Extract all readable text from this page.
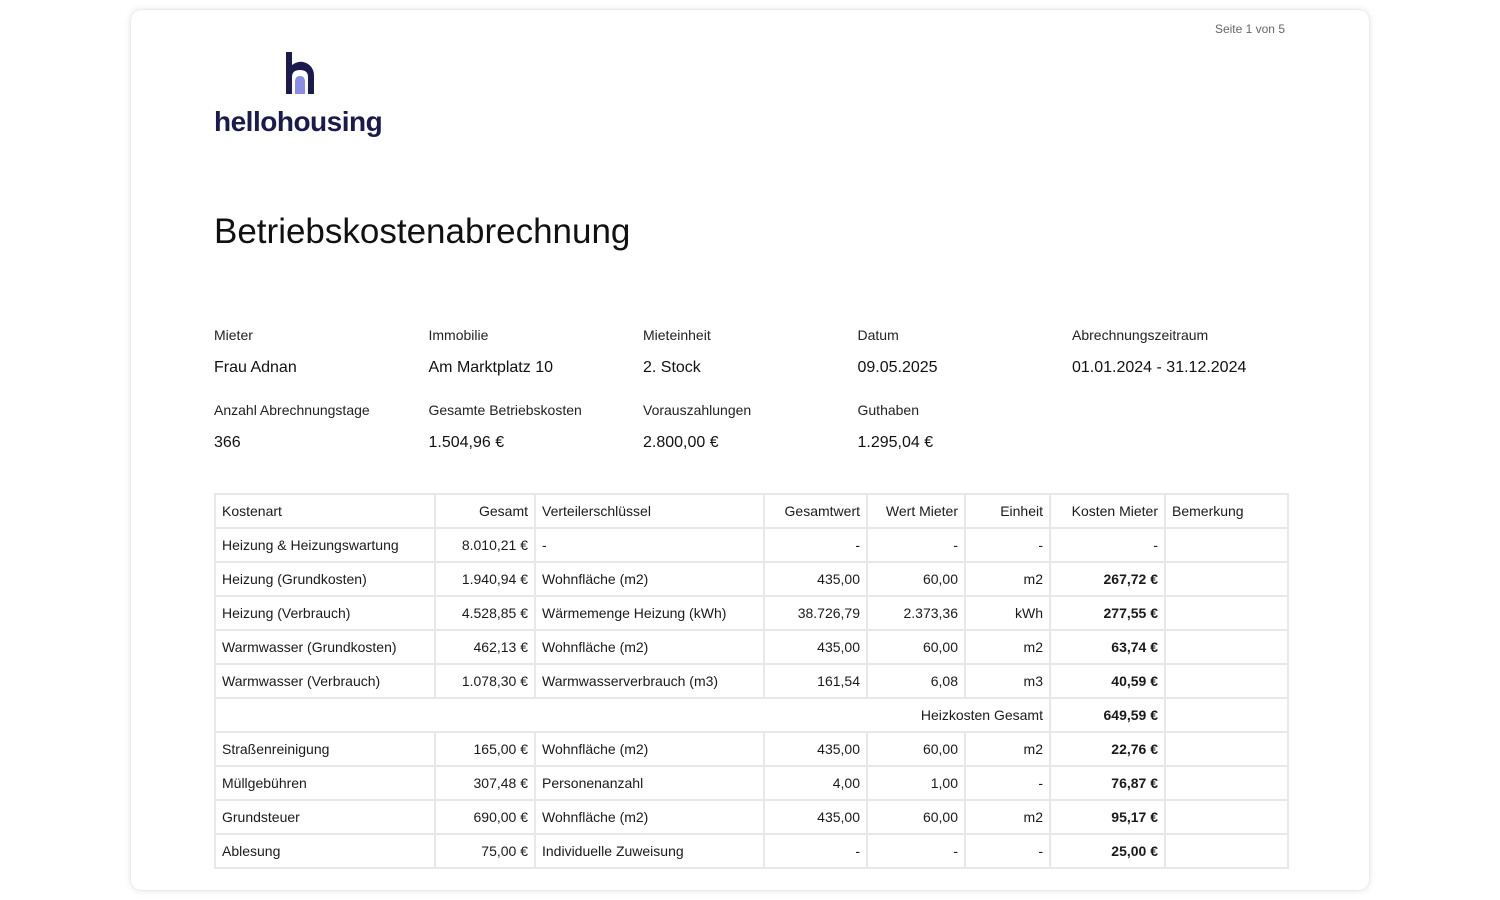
Seite 1 von 5
hellohousing
Betriebskostenabrechnung
Mieter
Frau Adnan
Immobilie
Am Marktplatz 10
Mieteinheit
2. Stock
Datum
09.05.2025
Abrechnungszeitraum
01.01.2024 - 31.12.2024
Anzahl Abrechnungstage
366
Gesamte Betriebskosten
1.504,96 €
Vorauszahlungen
2.800,00 €
Guthaben
1.295,04 €
Kostenart	Gesamt	Verteilerschlüssel	Gesamtwert	Wert Mieter	Einheit	Kosten Mieter	Bemerkung
Heizung & Heizungswartung	8.010,21 €	-	-	-	-	-	
Heizung (Grundkosten)	1.940,94 €	Wohnfläche (m2)	435,00	60,00	m2	267,72 €	
Heizung (Verbrauch)	4.528,85 €	Wärmemenge Heizung (kWh)	38.726,79	2.373,36	kWh	277,55 €	
Warmwasser (Grundkosten)	462,13 €	Wohnfläche (m2)	435,00	60,00	m2	63,74 €	
Warmwasser (Verbrauch)	1.078,30 €	Warmwasserverbrauch (m3)	161,54	6,08	m3	40,59 €	
Heizkosten Gesamt						649,59 €	
Straßenreinigung	165,00 €	Wohnfläche (m2)	435,00	60,00	m2	22,76 €	
Müllgebühren	307,48 €	Personenanzahl	4,00	1,00	-	76,87 €	
Grundsteuer	690,00 €	Wohnfläche (m2)	435,00	60,00	m2	95,17 €	
Ablesung	75,00 €	Individuelle Zuweisung	-	-	-	25,00 €	
